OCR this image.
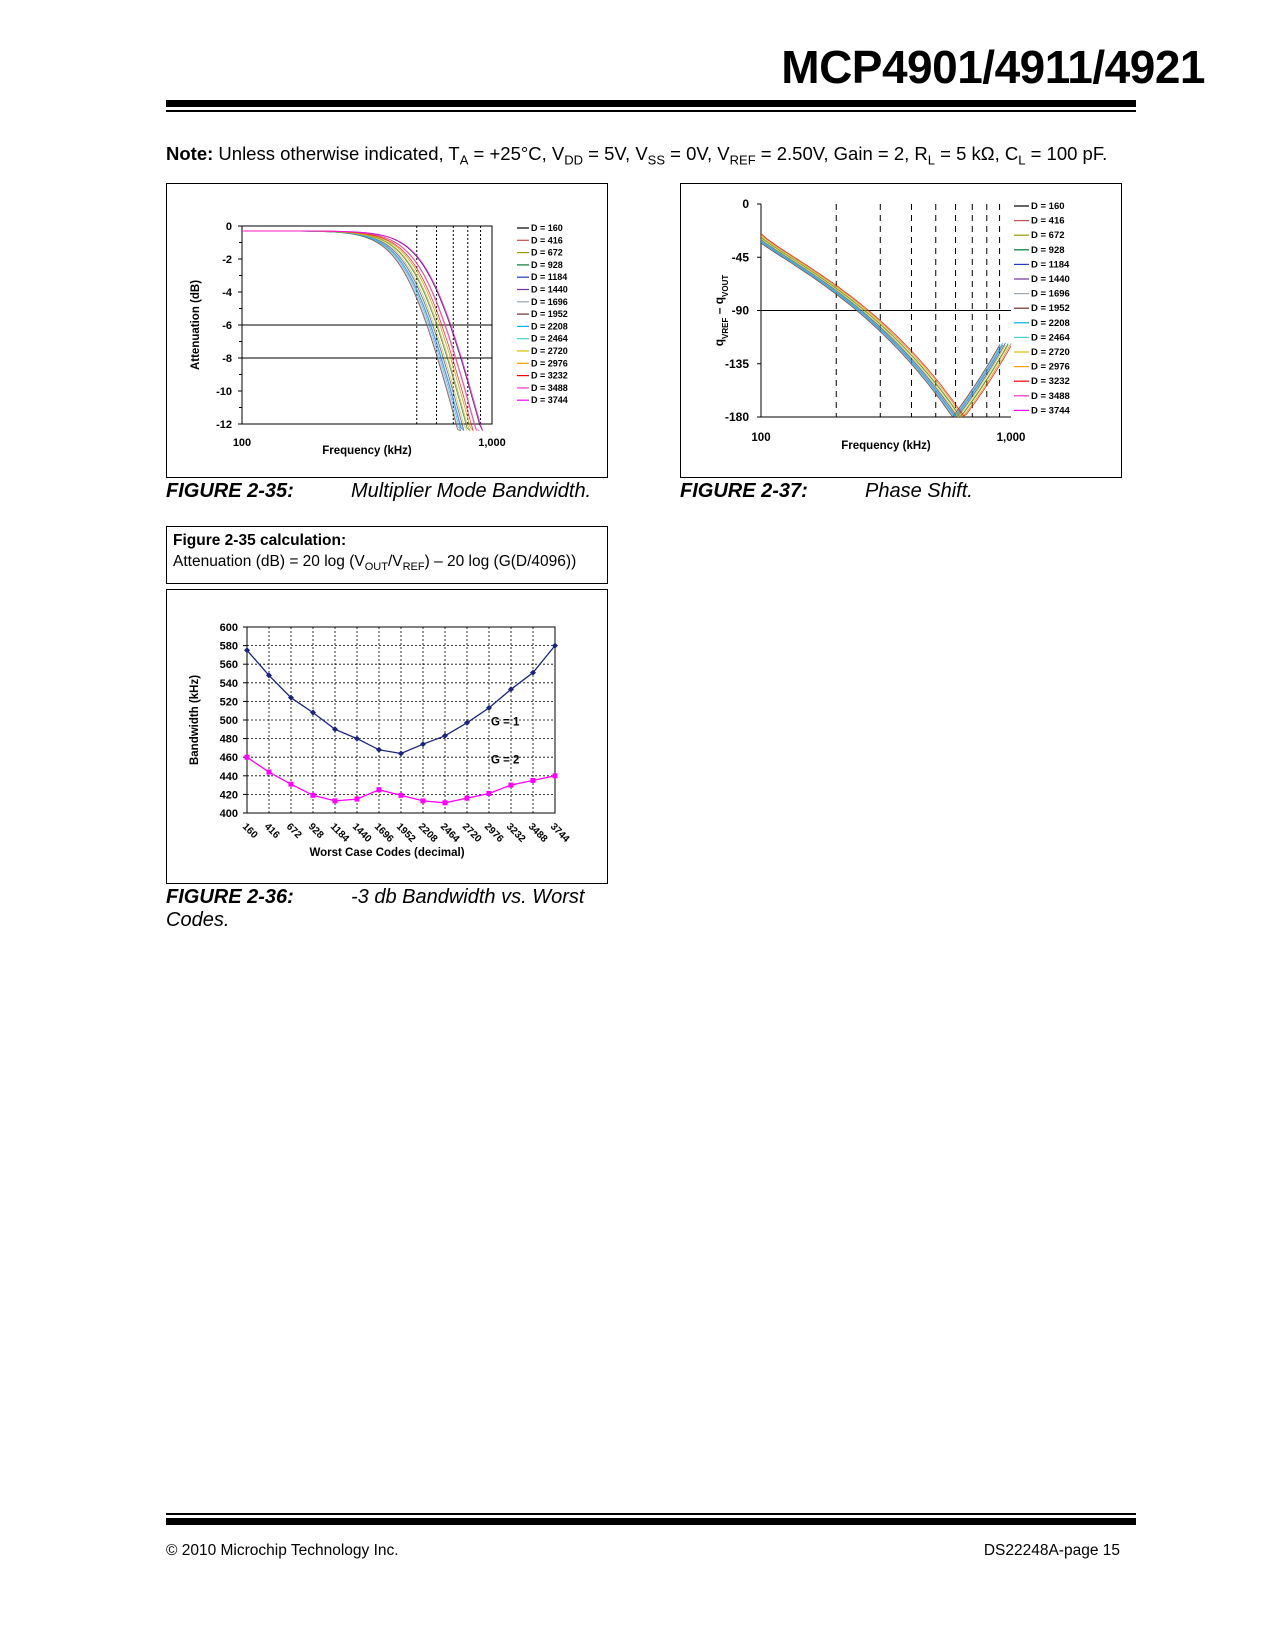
MCP4901/4911/4921
Note: Unless otherwise indicated, $T_A = +25^\circ C$, $V_{DD} = 5V$, $V_{SS} = 0V$, $V_{REF} = 2.50V$, Gain = 2, $R_L = 5$ kΩ, $C_L = 100$ pF.
0
-2
-4
-6
-8
-10
-12
100	1,000
Frequency (kHz)
Attenuation (dB)
D = 160
D = 416
D = 672
D = 928
D = 1184
D = 1440
D = 1696
D = 1952
D = 2208
D = 2464
D = 2720
D = 2976
D = 3232
D = 3488
D = 3744
FIGURE 2-35:	Multiplier Mode Bandwidth.
Figure 2-35 calculation:
Attenuation (dB) = 20 $\log (V_{OUT}/V_{REF}) - 20$ log (G(D/4096))
600
580
560
540
520
500
480
460
440
420
400
160 416 672 928 1184
1440
1696
1952
2208
2464
2720
2976
3232
3488
3744
Worst Case Codes (decimal)
Bandwidth (kHz)	G = 1
G = 2
FIGURE 2-36:	-3 db Bandwidth vs. Worst
Codes.
0
-45
-90
-135
-180
100	1,000
Frequency (kHz)
$q_{VREF} - q_{VOUT}$
D = 160
D = 416
D = 672
D = 928
D = 1184
D = 1440
D = 1696
D = 1952
D = 2208
D = 2464
D = 2720
D = 2976
D = 3232
D = 3488
D = 3744
FIGURE 2-37:	Phase Shift.
© 2010 Microchip Technology Inc.	DS22248A-page 15
